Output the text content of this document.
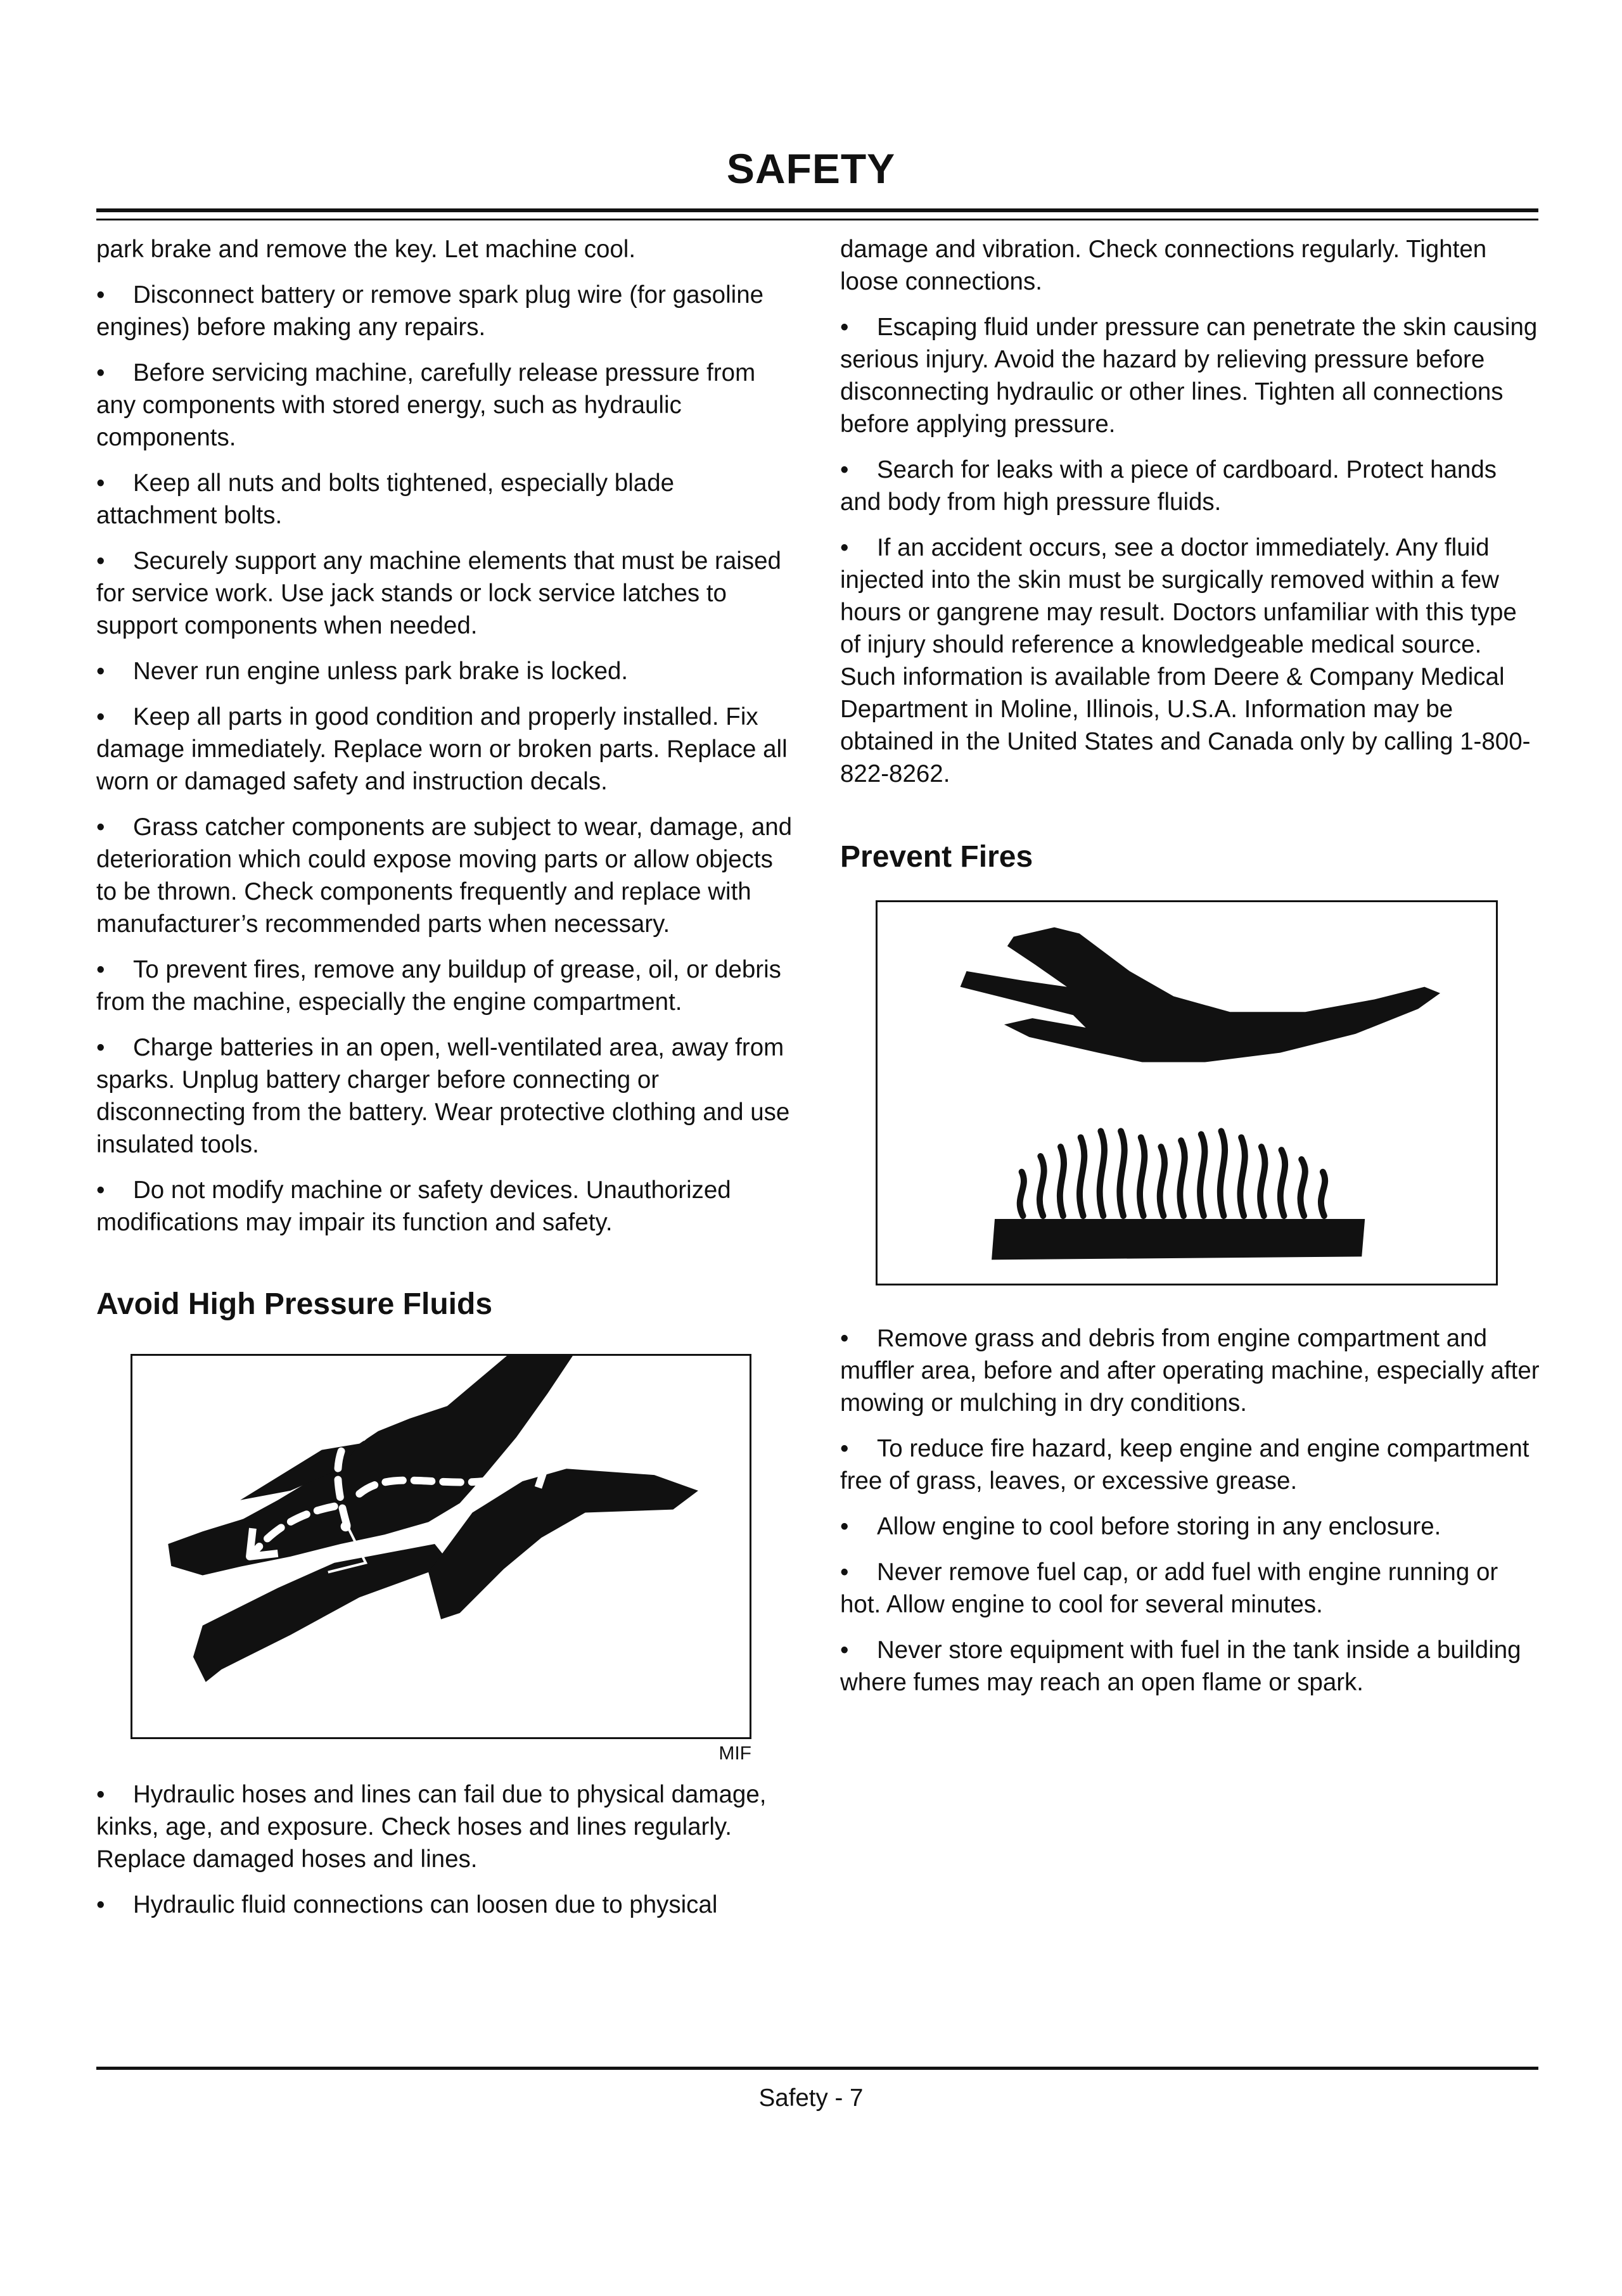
SAFETY

park brake and remove the key. Let machine cool.

• Disconnect battery or remove spark plug wire (for gasoline engines) before making any repairs.

• Before servicing machine, carefully release pressure from any components with stored energy, such as hydraulic components.

• Keep all nuts and bolts tightened, especially blade attachment bolts.

• Securely support any machine elements that must be raised for service work. Use jack stands or lock service latches to support components when needed.

• Never run engine unless park brake is locked.

• Keep all parts in good condition and properly installed. Fix damage immediately. Replace worn or broken parts. Replace all worn or damaged safety and instruction decals.

• Grass catcher components are subject to wear, damage, and deterioration which could expose moving parts or allow objects to be thrown. Check components frequently and replace with manufacturer’s recommended parts when necessary.

• To prevent fires, remove any buildup of grease, oil, or debris from the machine, especially the engine compartment.

• Charge batteries in an open, well-ventilated area, away from sparks. Unplug battery charger before connecting or disconnecting from the battery. Wear protective clothing and use insulated tools.

• Do not modify machine or safety devices. Unauthorized modifications may impair its function and safety.

Avoid High Pressure Fluids
MIF

• Hydraulic hoses and lines can fail due to physical damage, kinks, age, and exposure. Check hoses and lines regularly. Replace damaged hoses and lines.

• Hydraulic fluid connections can loosen due to physical

damage and vibration. Check connections regularly. Tighten loose connections.

• Escaping fluid under pressure can penetrate the skin causing serious injury. Avoid the hazard by relieving pressure before disconnecting hydraulic or other lines. Tighten all connections before applying pressure.

• Search for leaks with a piece of cardboard. Protect hands and body from high pressure fluids.

• If an accident occurs, see a doctor immediately. Any fluid injected into the skin must be surgically removed within a few hours or gangrene may result. Doctors unfamiliar with this type of injury should reference a knowledgeable medical source. Such information is available from Deere & Company Medical Department in Moline, Illinois, U.S.A. Information may be obtained in the United States and Canada only by calling 1-800-822-8262.

Prevent Fires

• Remove grass and debris from engine compartment and muffler area, before and after operating machine, especially after mowing or mulching in dry conditions.

• To reduce fire hazard, keep engine and engine compartment free of grass, leaves, or excessive grease.

• Allow engine to cool before storing in any enclosure.

• Never remove fuel cap, or add fuel with engine running or hot. Allow engine to cool for several minutes.

• Never store equipment with fuel in the tank inside a building where fumes may reach an open flame or spark.

Safety - 7
